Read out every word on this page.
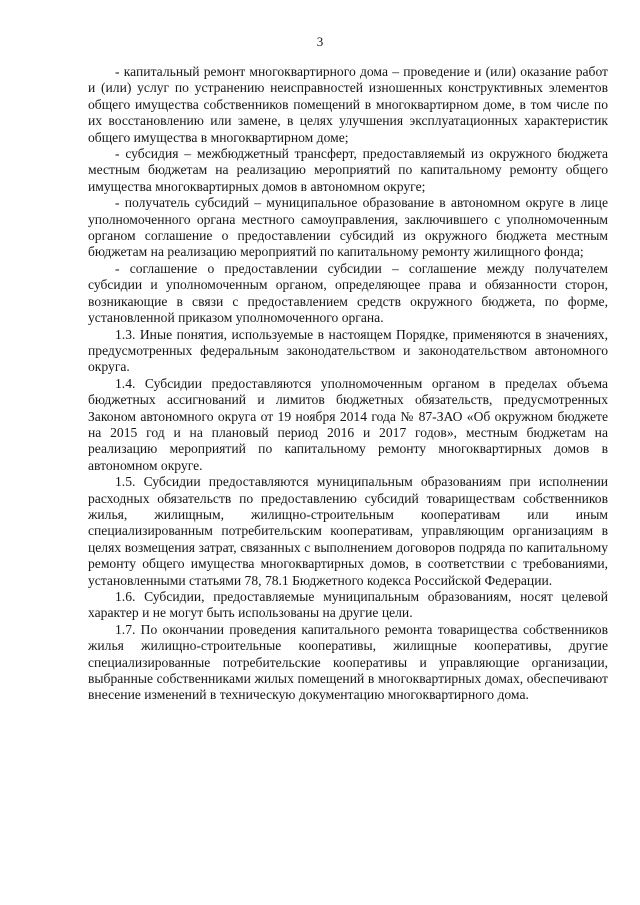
3

- капитальный ремонт многоквартирного дома – проведение и (или) оказание работ и (или) услуг по устранению неисправностей изношенных конструктивных элементов общего имущества собственников помещений в многоквартирном доме, в том числе по их восстановлению или замене, в целях улучшения эксплуатационных характеристик общего имущества в многоквартирном доме;

- субсидия – межбюджетный трансферт, предоставляемый из окружного бюджета местным бюджетам на реализацию мероприятий по капитальному ремонту общего имущества многоквартирных домов в автономном округе;

- получатель субсидий – муниципальное образование в автономном округе в лице уполномоченного органа местного самоуправления, заключившего с уполномоченным органом соглашение о предоставлении субсидий из окружного бюджета местным бюджетам на реализацию мероприятий по капитальному ремонту жилищного фонда;

- соглашение о предоставлении субсидии – соглашение между получателем субсидии и уполномоченным органом, определяющее права и обязанности сторон, возникающие в связи с предоставлением средств окружного бюджета, по форме, установленной приказом уполномоченного органа.

1.3. Иные понятия, используемые в настоящем Порядке, применяются в значениях, предусмотренных федеральным законодательством и законодательством автономного округа.

1.4. Субсидии предоставляются уполномоченным органом в пределах объема бюджетных ассигнований и лимитов бюджетных обязательств, предусмотренных Законом автономного округа от 19 ноября 2014 года № 87-ЗАО «Об окружном бюджете на 2015 год и на плановый период 2016 и 2017 годов», местным бюджетам на реализацию мероприятий по капитальному ремонту многоквартирных домов в автономном округе.

1.5. Субсидии предоставляются муниципальным образованиям при исполнении расходных обязательств по предоставлению субсидий товариществам собственников жилья, жилищным, жилищно-строительным кооперативам или иным специализированным потребительским кооперативам, управляющим организациям в целях возмещения затрат, связанных с выполнением договоров подряда по капитальному ремонту общего имущества многоквартирных домов, в соответствии с требованиями, установленными статьями 78, 78.1 Бюджетного кодекса Российской Федерации.

1.6. Субсидии, предоставляемые муниципальным образованиям, носят целевой характер и не могут быть использованы на другие цели.

1.7. По окончании проведения капитального ремонта товарищества собственников жилья жилищно-строительные кооперативы, жилищные кооперативы, другие специализированные потребительские кооперативы и управляющие организации, выбранные собственниками жилых помещений в многоквартирных домах, обеспечивают внесение изменений в техническую документацию многоквартирного дома.
